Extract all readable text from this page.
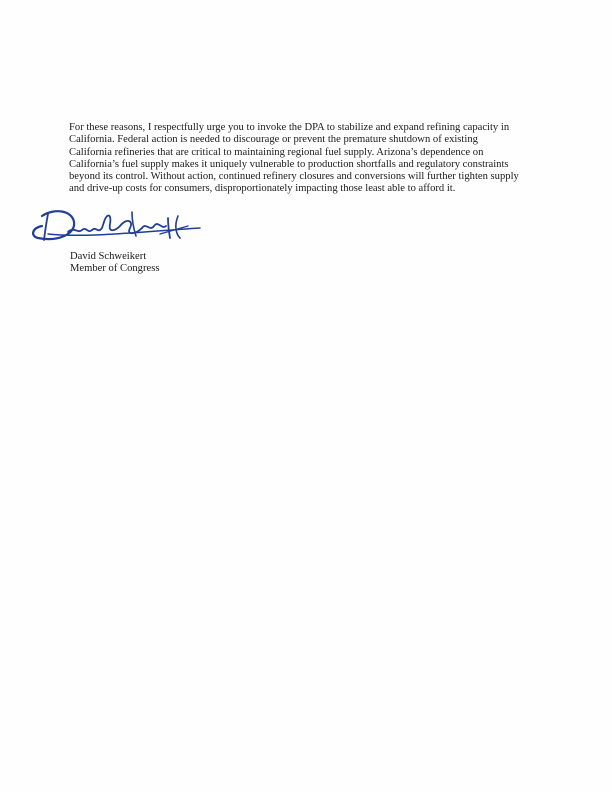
For these reasons, I respectfully urge you to invoke the DPA to stabilize and expand refining capacity in
California. Federal action is needed to discourage or prevent the premature shutdown of existing
California refineries that are critical to maintaining regional fuel supply. Arizona’s dependence on
California’s fuel supply makes it uniquely vulnerable to production shortfalls and regulatory constraints
beyond its control. Without action, continued refinery closures and conversions will further tighten supply
and drive-up costs for consumers, disproportionately impacting those least able to afford it.
David Schweikert
Member of Congress
